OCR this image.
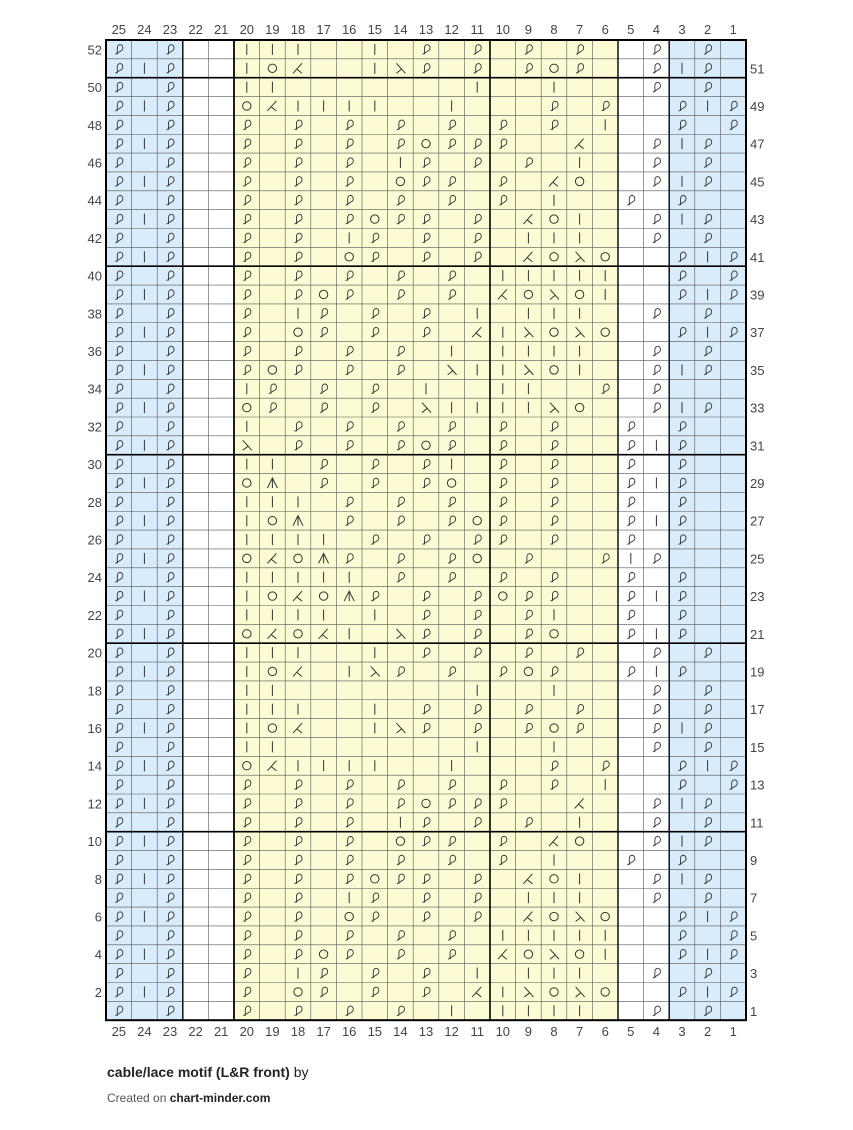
25
25
24
24
23
23
22
22
21
21
20
20
19
19
18
18
17
17
16
16
15
15
14
14
13
13
12
12
11
11
10
10
9
9
8
8
7
7
6
6
5
5
4
4
3
3
2
2
1
1
2
4
6
8
10
12
14
16
18
20
22
24
26
28
30
32
34
36
38
40
42
44
46
48
50
52
1
3
5
7
9
11
13
15
17
19
21
23
25
27
29
31
33
35
37
39
41
43
45
47
49
51
cable/lace motif (L&R front) by
Created on chart-minder.com
